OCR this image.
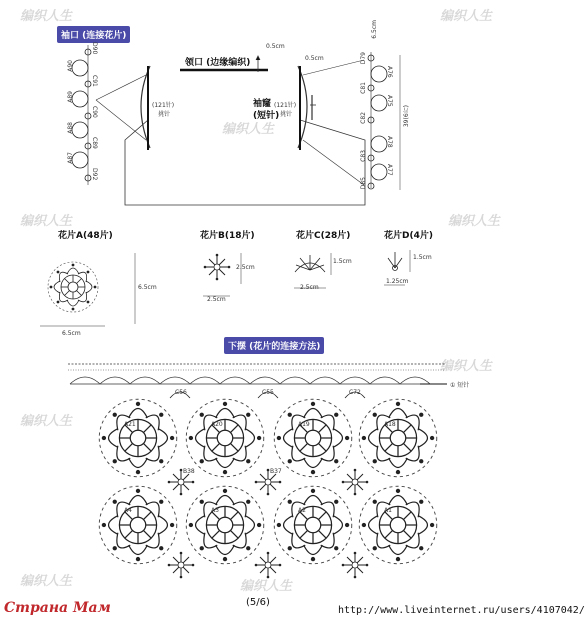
编织人生
编织人生
编织人生
编织人生	编织人生
编织人生
编织人生
编织人生
编织人生
袖口 (连接花片)
D90
A90
C91
A89
C90
A88
C89
A87
D92
D79
A76
C81
A75
C82
A78
C83
A77
D85
领口 (边缘编织)
0.5cm
0.5cm
6.5cm
39(6片)
袖窿
(短针)
(121针)
挑针
(121针)
挑针
花片A(48片)
6.5cm
6.5cm
花片B(18片)
2.5cm
2.5cm
花片C(28片)
2.5cm
1.5cm
花片D(4片)
1.25cm
1.5cm
下摆 (花片的连接方法)
① 短针
C56	C55	C72
A21	A20	A19	A18
A4	A3	A2	A1
B38	B37
Страна Мам	(5/6)
http://www.liveinternet.ru/users/4107042/
